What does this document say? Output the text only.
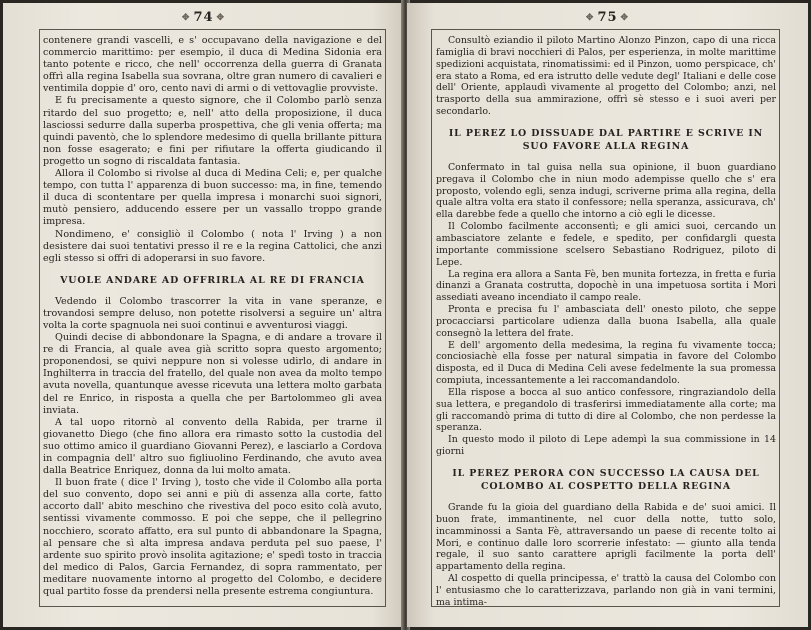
✥ 74 ✥

contenere grandi vascelli, e s' occupavano della navigazione e del commercio marittimo: per esempio, il duca di Medina Sidonia era tanto potente e ricco, che nell' occorrenza della guerra di Granata offrì alla regina Isabella sua sovrana, oltre gran numero di cavalieri e ventimila doppie d' oro, cento navi di armi o di vettovaglie provviste.

E fu precisamente a questo signore, che il Colombo parlò senza ritardo del suo progetto; e, nell' atto della proposizione, il duca lasciossi sedurre dalla superba prospettiva, che gli venia offerta; ma quindi paventò, che lo splendore medesimo di quella brillante pittura non fosse esagerato; e fini per rifiutare la offerta giudicando il progetto un sogno di riscaldata fantasia.

Allora il Colombo si rivolse al duca di Medina Celi; e, per qualche tempo, con tutta l' apparenza di buon successo: ma, in fine, temendo il duca di scontentare per quella impresa i monarchi suoi signori, mutò pensiero, adducendo essere per un vassallo troppo grande impresa.

Nondimeno, e' consigliò il Colombo ( nota l' Irving ) a non desistere dai suoi tentativi presso il re e la regina Cattolici, che anzi egli stesso si offri di adoperarsi in suo favore.

VUOLE ANDARE AD OFFRIRLA AL RE DI FRANCIA

Vedendo il Colombo trascorrer la vita in vane speranze, e trovandosi sempre deluso, non potette risolversi a seguire un' altra volta la corte spagnuola nei suoi continui e avventurosi viaggi.

Quindi decise di abbondonare la Spagna, e di andare a trovare il re di Francia, al quale avea già scritto sopra questo argomento; proponendosi, se quivi neppure non si volesse udirlo, di andare in Inghilterra in traccia del fratello, del quale non avea da molto tempo avuta novella, quantunque avesse ricevuta una lettera molto garbata del re Enrico, in risposta a quella che per Bartolommeo gli avea inviata.

A tal uopo ritornò al convento della Rabida, per trarne il giovanetto Diego (che fino allora era rimasto sotto la custodia del suo ottimo amico il guardiano Giovanni Perez), e lasciarlo a Cordova in compagnia dell' altro suo figliuolino Ferdinando, che avuto avea dalla Beatrice Enriquez, donna da lui molto amata.

Il buon frate ( dice l' Irving ), tosto che vide il Colombo alla porta del suo convento, dopo sei anni e più di assenza alla corte, fatto accorto dall' abito meschino che rivestiva del poco esito colà avuto, sentissi vivamente commosso. E poi che seppe, che il pellegrino nocchiero, scorato affatto, era sul punto di abbandonare la Spagna, al pensare che sì alta impresa andava perduta pel suo paese, l' ardente suo spirito provò insolita agitazione; e' spedì tosto in traccia del medico di Palos, Garcia Fernandez, di sopra rammentato, per meditare nuovamente intorno al progetto del Colombo, e decidere qual partito fosse da prendersi nella presente estrema congiuntura.

✥ 75 ✥

Consultò eziandio il piloto Martino Alonzo Pinzon, capo di una ricca famiglia di bravi nocchieri di Palos, per esperienza, in molte marittime spedizioni acquistata, rinomatissimi: ed il Pinzon, uomo perspicace, ch' era stato a Roma, ed era istrutto delle vedute degl' Italiani e delle cose dell' Oriente, applaudì vivamente al progetto del Colombo; anzi, nel trasporto della sua ammirazione, offrì sè stesso e i suoi averi per secondarlo.

IL PEREZ LO DISSUADE DAL PARTIRE E SCRIVE IN SUO FAVORE ALLA REGINA

Confermato in tal guisa nella sua opinione, il buon guardiano pregava il Colombo che in niun modo adempisse quello che s' era proposto, volendo egli, senza indugi, scriverne prima alla regina, della quale altra volta era stato il confessore; nella speranza, assicurava, ch' ella darebbe fede a quello che intorno a ciò egli le dicesse.

Il Colombo facilmente acconsentì; e gli amici suoi, cercando un ambasciatore zelante e fedele, e spedito, per confidargli questa importante commissione scelsero Sebastiano Rodriguez, piloto di Lepe.

La regina era allora a Santa Fè, ben munita fortezza, in fretta e furia dinanzi a Granata costrutta, dopochè in una impetuosa sortita i Mori assediati aveano incendiato il campo reale.

Pronta e precisa fu l' ambasciata dell' onesto piloto, che seppe procacciarsi particolare udienza dalla buona Isabella, alla quale consegnò la lettera del frate.

E dell' argomento della medesima, la regina fu vivamente tocca; conciosiachè ella fosse per natural simpatia in favore del Colombo disposta, ed il Duca di Medina Celi avese fedelmente la sua promessa compiuta, incessantemente a lei raccomandandolo.

Ella rispose a bocca al suo antico confessore, ringraziandolo della sua lettera, e pregandolo di trasferirsi immediatamente alla corte; ma gli raccomandò prima di tutto di dire al Colombo, che non perdesse la speranza.

In questo modo il piloto di Lepe adempì la sua commissione in 14 giorni

IL PEREZ PERORA CON SUCCESSO LA CAUSA DEL COLOMBO AL COSPETTO DELLA REGINA

Grande fu la gioia del guardiano della Rabida e de' suoi amici. Il buon frate, immantinente, nel cuor della notte, tutto solo, incamminossi a Santa Fè, attraversando un paese di recente tolto ai Mori, e continuo dalle loro scorrerie infestato: — giunto alla tenda regale, il suo santo carattere aprigli facilmente la porta dell' appartamento della regina.

Al cospetto di quella principessa, e' trattò la causa del Colombo con l' entusiasmo che lo caratterizzava, parlando non già in vani termini, ma intima-
